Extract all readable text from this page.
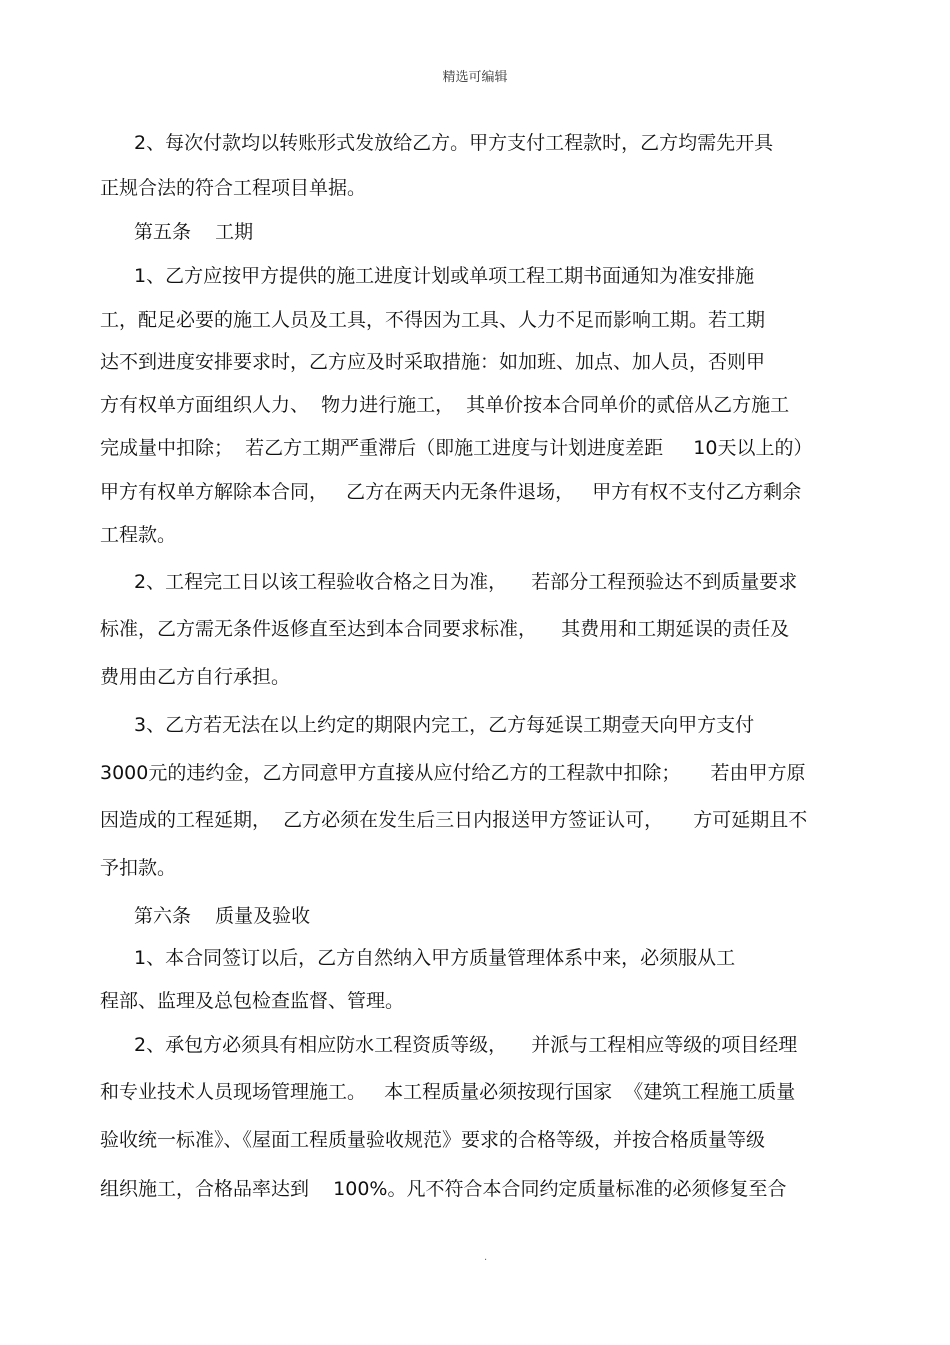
精选可编辑
2、每次付款均以转账形式发放给乙方。甲方支付工程款时，乙方均需先开具
正规合法的符合工程项目单据。
第五条    工期
1、乙方应按甲方提供的施工进度计划或单项工程工期书面通知为准安排施
工，配足必要的施工人员及工具，不得因为工具、人力不足而影响工期。若工期
达不到进度安排要求时，乙方应及时采取措施：如加班、加点、加人员，否则甲
方有权单方面组织人力、  物力进行施工，  其单价按本合同单价的贰倍从乙方施工
完成量中扣除；  若乙方工期严重滞后（即施工进度与计划进度差距     10天以上的）
甲方有权单方解除本合同，   乙方在两天内无条件退场，   甲方有权不支付乙方剩余
工程款。
2、工程完工日以该工程验收合格之日为准，    若部分工程预验达不到质量要求
标准，乙方需无条件返修直至达到本合同要求标准，    其费用和工期延误的责任及
费用由乙方自行承担。
3、乙方若无法在以上约定的期限内完工，乙方每延误工期壹天向甲方支付
3000元的违约金，乙方同意甲方直接从应付给乙方的工程款中扣除；     若由甲方原
因造成的工程延期，  乙方必须在发生后三日内报送甲方签证认可，     方可延期且不
予扣款。
第六条    质量及验收
1、本合同签订以后，乙方自然纳入甲方质量管理体系中来，必须服从工
程部、监理及总包检查监督、管理。
2、承包方必须具有相应防水工程资质等级，    并派与工程相应等级的项目经理
和专业技术人员现场管理施工。   本工程质量必须按现行国家  《建筑工程施工质量
验收统一标准》、《屋面工程质量验收规范》要求的合格等级，并按合格质量等级
组织施工，合格品率达到    100%。凡不符合本合同约定质量标准的必须修复至合
.
